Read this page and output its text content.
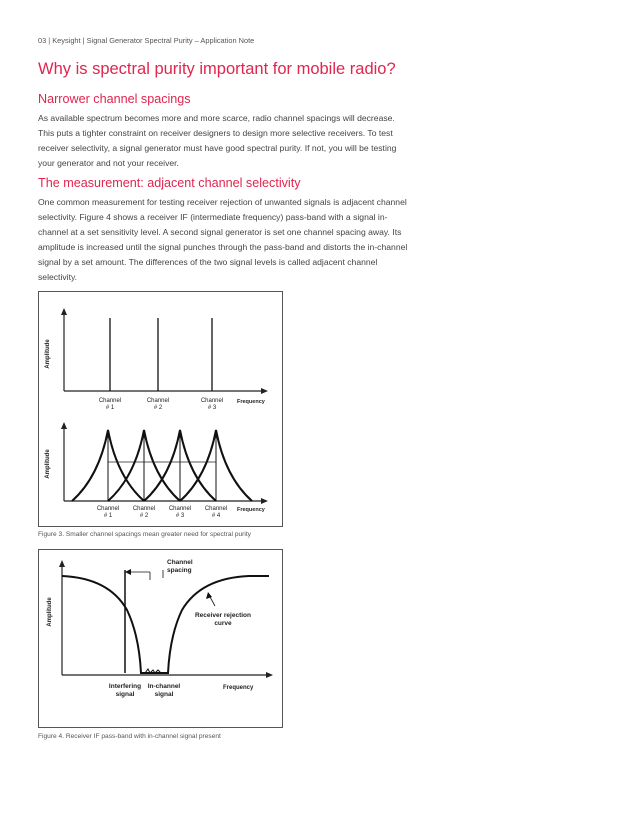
03 | Keysight | Signal Generator Spectral Purity – Application Note
Why is spectral purity important for mobile radio?
Narrower channel spacings

As available spectrum becomes more and more scarce, radio channel spacings will decrease. This puts a tighter constraint on receiver designers to design more selective receivers. To test receiver selectivity, a signal generator must have good spectral purity. If not, you will be testing your generator and not your receiver.

The measurement: adjacent channel selectivity

One common measurement for testing receiver rejection of unwanted signals is adjacent channel selectivity. Figure 4 shows a receiver IF (intermediate frequency) pass-band with a signal in-channel at a set sensitivity level. A second signal generator is set one channel spacing away. Its amplitude is increased until the signal punches through the pass-band and distorts the in-channel signal by a set amount. The differences of the two signal levels is called adjacent channel selectivity.

Amplitude
Channel
# 1
Channel
# 2
Channel
# 3
Frequency
Amplitude
Channel
# 1
Channel
# 2
Channel
# 3
Channel
# 4
Frequency
Figure 3. Smaller channel spacings mean greater need for spectral purity
Amplitude
Frequency
Channel
spacing
Receiver rejection
curve
Interfering
signal
In-channel
signal
Figure 4. Receiver IF pass-band with in-channel signal present
